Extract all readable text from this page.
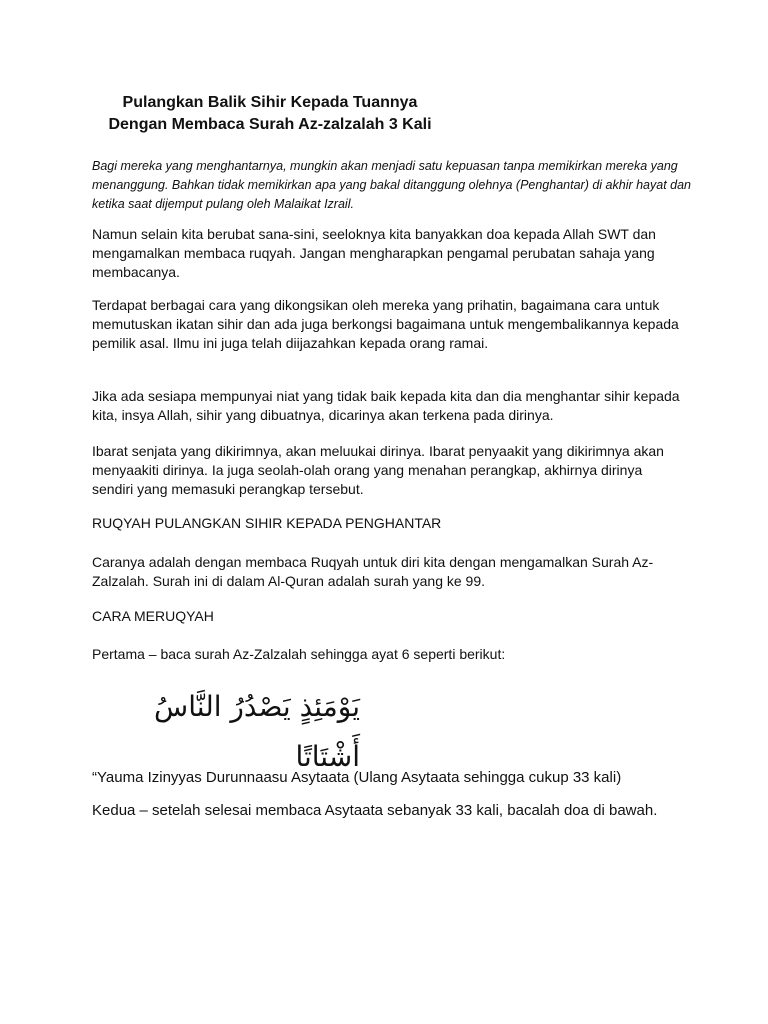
Pulangkan Balik Sihir Kepada Tuannya

Dengan Membaca Surah Az-zalzalah 3 Kali

Bagi mereka yang menghantarnya, mungkin akan menjadi satu kepuasan tanpa memikirkan mereka yang menanggung. Bahkan tidak memikirkan apa yang bakal ditanggung olehnya (Penghantar) di akhir hayat dan ketika saat dijemput pulang oleh Malaikat Izrail.

Namun selain kita berubat sana-sini, seeloknya kita banyakkan doa kepada Allah SWT dan mengamalkan membaca ruqyah. Jangan mengharapkan pengamal perubatan sahaja yang membacanya.

Terdapat berbagai cara yang dikongsikan oleh mereka yang prihatin, bagaimana cara untuk memutuskan ikatan sihir dan ada juga berkongsi bagaimana untuk mengembalikannya kepada pemilik asal. Ilmu ini juga telah diijazahkan kepada orang ramai.

Jika ada sesiapa mempunyai niat yang tidak baik kepada kita dan dia menghantar sihir kepada kita, insya Allah, sihir yang dibuatnya, dicarinya akan terkena pada dirinya.

Ibarat senjata yang dikirimnya, akan meluukai dirinya. Ibarat penyaakit yang dikirimnya akan menyaakiti dirinya. Ia juga seolah-olah orang yang menahan perangkap, akhirnya dirinya sendiri yang memasuki perangkap tersebut.

RUQYAH PULANGKAN SIHIR KEPADA PENGHANTAR

Caranya adalah dengan membaca Ruqyah untuk diri kita dengan mengamalkan Surah Az-Zalzalah. Surah ini di dalam Al-Quran adalah surah yang ke 99.

CARA MERUQYAH

Pertama – baca surah Az-Zalzalah sehingga ayat 6 seperti berikut:

يَوْمَئِذٍ يَصْدُرُ النَّاسُ أَشْتَاتًا

“Yauma Izinyyas Durunnaasu Asytaata (Ulang Asytaata sehingga cukup 33 kali)

Kedua – setelah selesai membaca Asytaata sebanyak 33 kali, bacalah doa di bawah.
